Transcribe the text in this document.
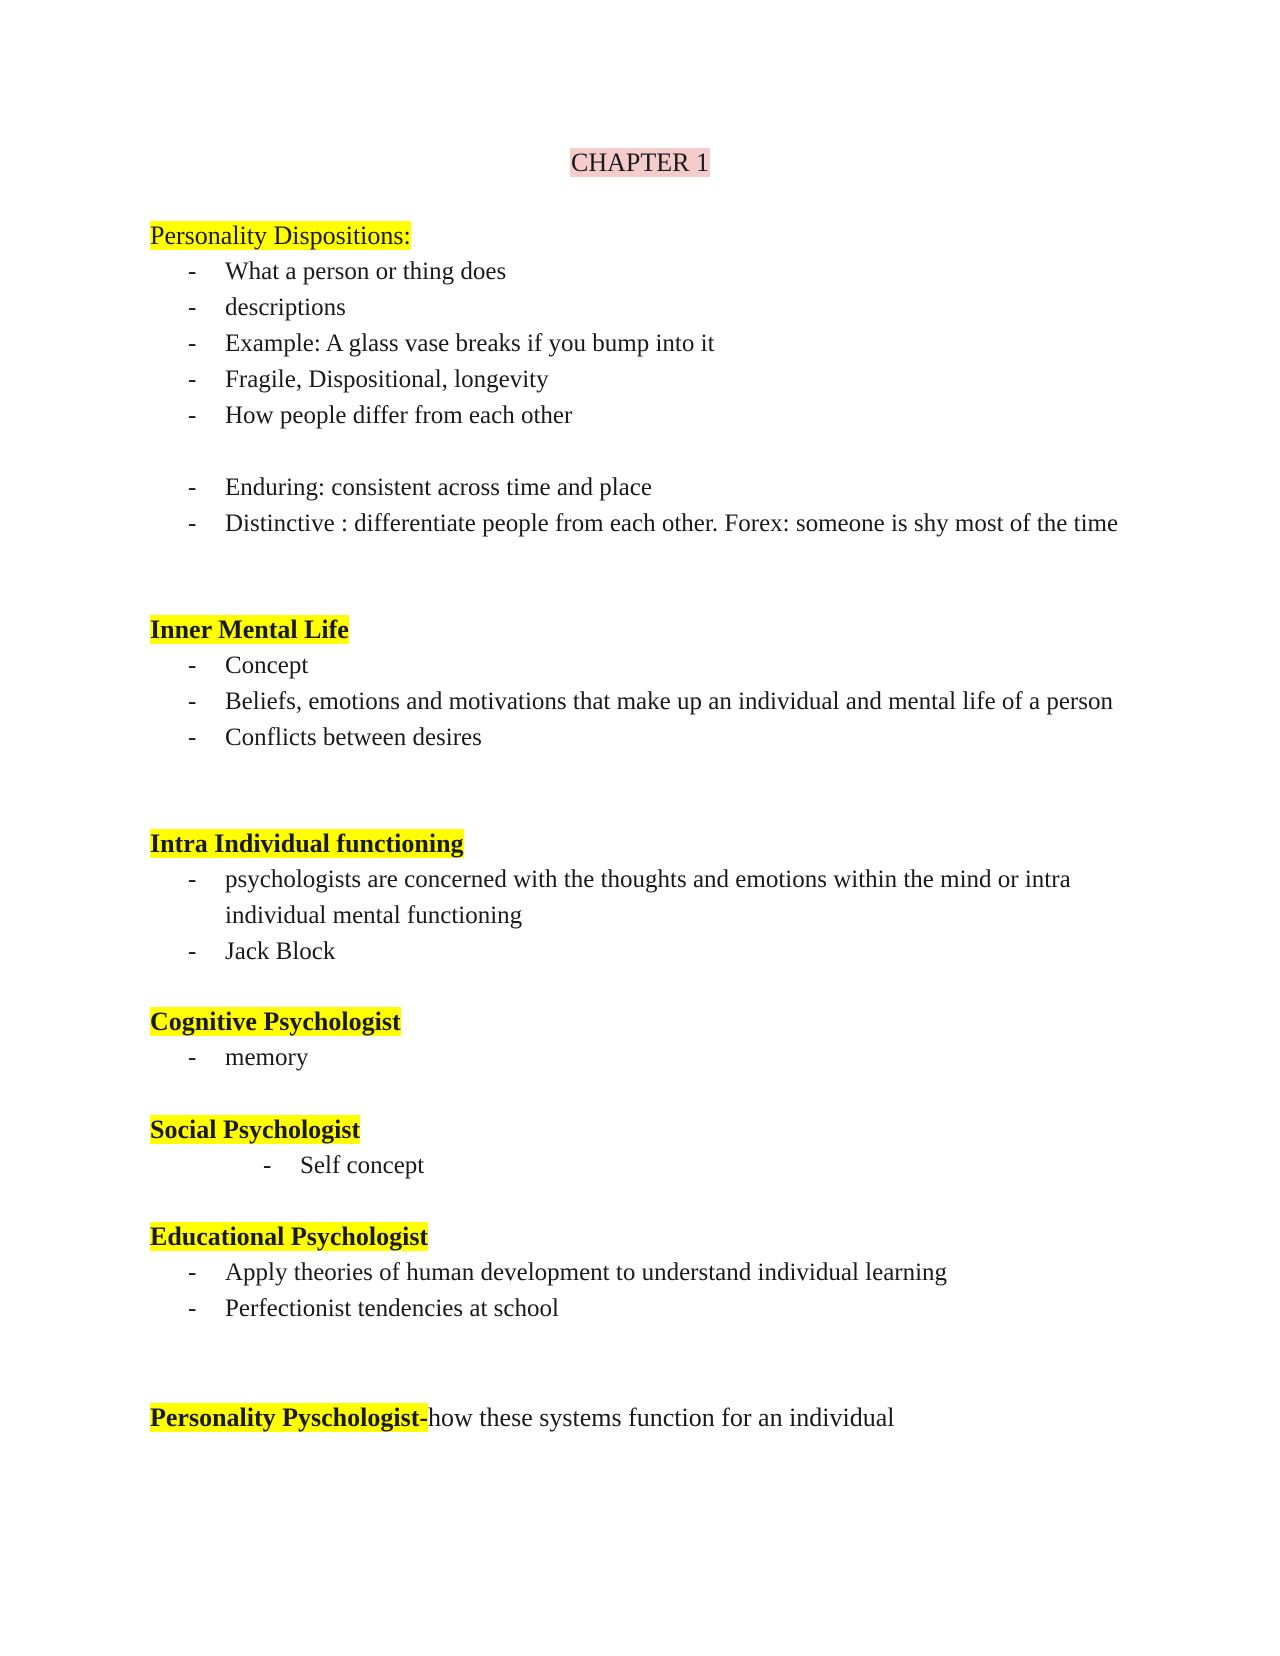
CHAPTER 1
Personality Dispositions:
- What a person or thing does
- descriptions
- Example: A glass vase breaks if you bump into it
- Fragile, Dispositional, longevity
- How people differ from each other
- Enduring: consistent across time and place
- Distinctive : differentiate people from each other. Forex: someone is shy most of the time
Inner Mental Life
- Concept
- Beliefs, emotions and motivations that make up an individual and mental life of a person
- Conflicts between desires
Intra Individual functioning
- psychologists are concerned with the thoughts and emotions within the mind or intra individual mental functioning
- Jack Block
Cognitive Psychologist
- memory
Social Psychologist
- Self concept
Educational Psychologist
- Apply theories of human development to understand individual learning
- Perfectionist tendencies at school
Personality Pyschologist-how these systems function for an individual
